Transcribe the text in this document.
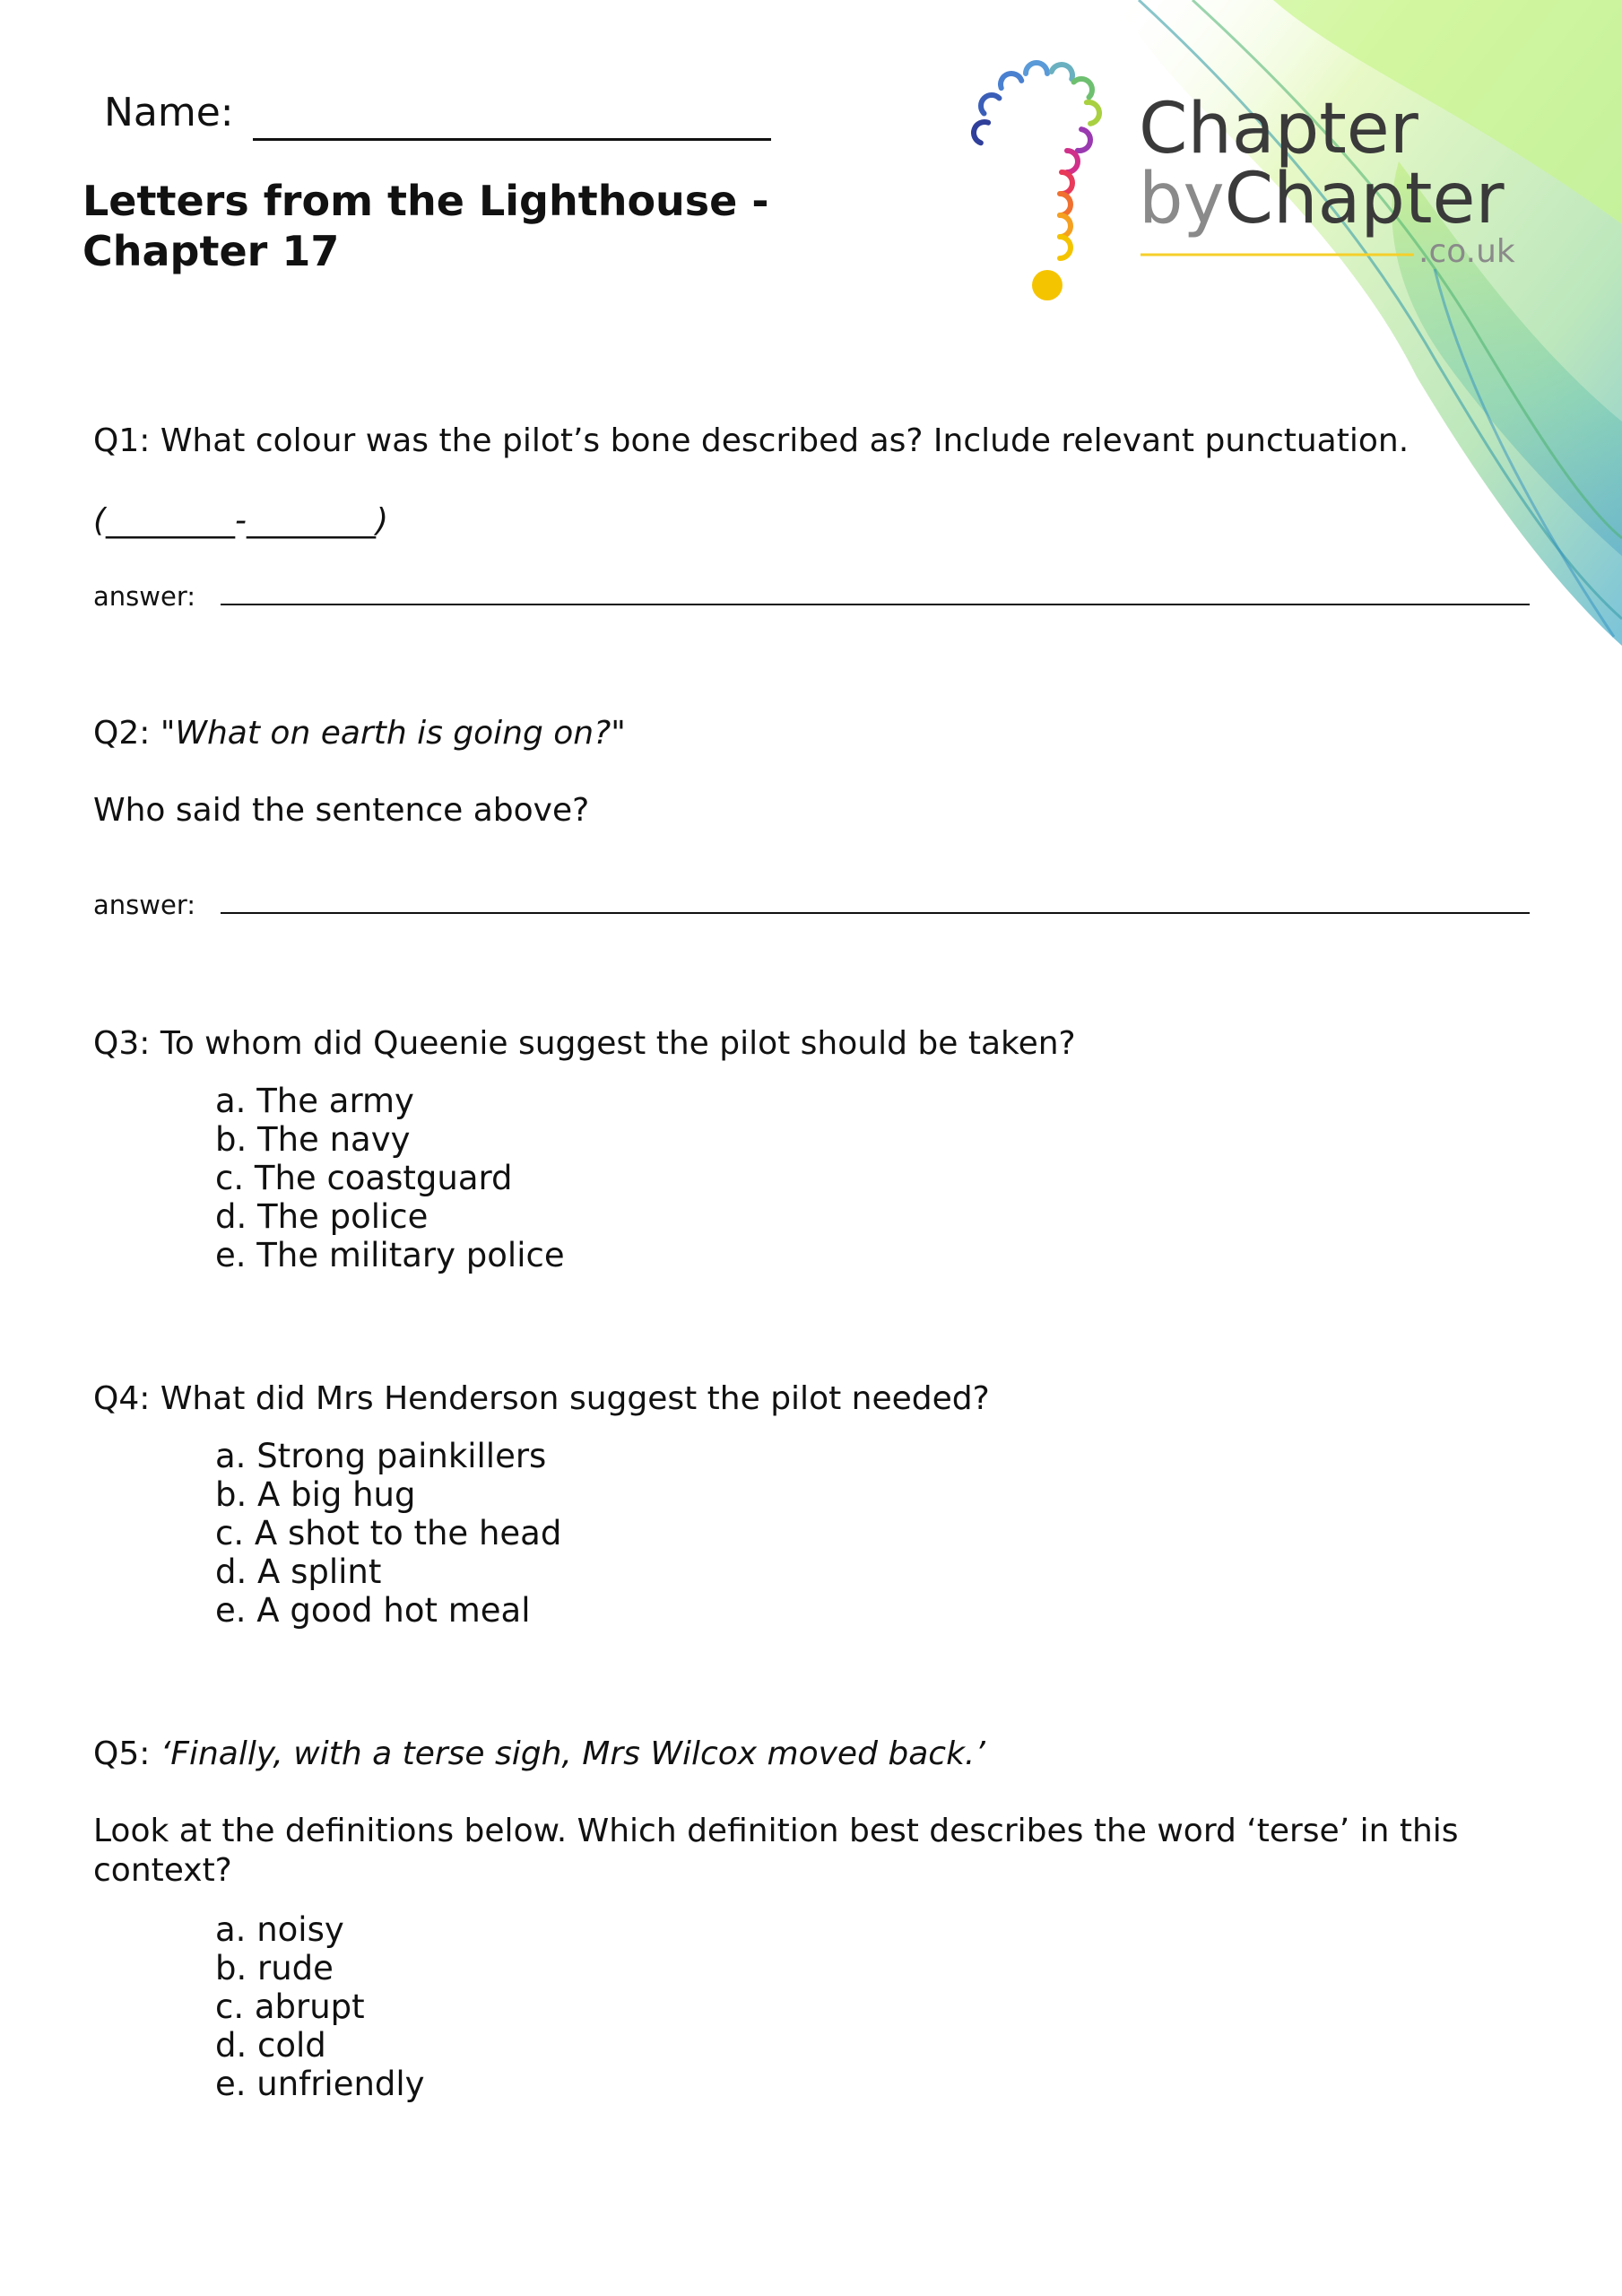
Name:
Letters from the Lighthouse -
Chapter 17
Chapter
byChapter
.co.uk
Q1: What colour was the pilot’s bone described as? Include relevant punctuation.
(________-________)
answer:
Q2: "What on earth is going on?"
Who said the sentence above?
answer:
Q3: To whom did Queenie suggest the pilot should be taken?
a. The army
b. The navy
c. The coastguard
d. The police
e. The military police
Q4: What did Mrs Henderson suggest the pilot needed?
a. Strong painkillers
b. A big hug
c. A shot to the head
d. A splint
e. A good hot meal
Q5: ‘Finally, with a terse sigh, Mrs Wilcox moved back.’
Look at the definitions below. Which definition best describes the word ‘terse’ in this
context?
a. noisy
b. rude
c. abrupt
d. cold
e. unfriendly
